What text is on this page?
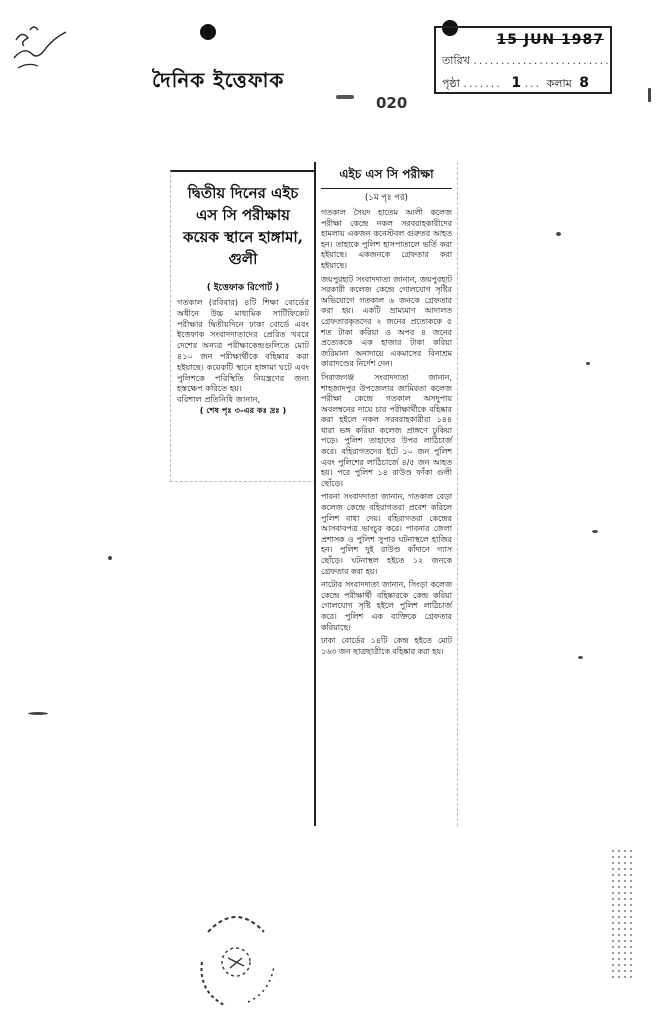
দৈনিক ইত্তেফাক
020
15 JUN 1987
তারিখ .........................
পৃষ্ঠা ....... 1 ... কলাম 8
দ্বিতীয় দিনের এইচ এস সি পরীক্ষায় কয়েক স্থানে হাঙ্গামা, গুলী
( ইত্তেফাক রিপোর্ট )

গতকাল (রবিবার) ৪টি শিক্ষা বোর্ডের অধীনে উচ্চ মাধ্যমিক সার্টিফিকেট পরীক্ষার দ্বিতীয়দিনে ঢাকা বোর্ডে এবং ইত্তেফাক সংবাদদাতাদের প্রেরিত খবরে দেশের অন্যত্র পরীক্ষাকেন্দ্রগুলিতে মোট ৪১০ জন পরীক্ষার্থীকে বহিষ্কার করা হইয়াছে। কয়েকটি স্থানে হাঙ্গামা ঘটে এবং পুলিশকে পরিস্থিতি নিয়ন্ত্রণের জন্য হস্তক্ষেপ করিতে হয়।

বরিশাল প্রতিনিধি জানান,

( শেষ পৃঃ ৩-এর কঃ দ্রঃ )

এইচ এস সি পরীক্ষা
(১ম পৃঃ পর)

গতকাল সৈয়দ হাতেম আলী কলেজ পরীক্ষা কেন্দ্রে নকল সরবরাহকারীদের হামলায় একজন কনেস্টবল গুরুতর আহত হন। তাহাকে পুলিশ হাসপাতালে ভর্তি করা হইয়াছে। একজনকে গ্রেফতার করা হইয়াছে।

জয়পুরহাট সংবাদদাতা জানান, জয়পুরহাট সরকারী কলেজ কেন্দ্রে গোলযোগ সৃষ্টির অভিযোগে গতকাল ৬ জনকে গ্রেফতার করা হয়। একটি ভ্রাম্যমাণ আদালত গ্রেফতারকৃতদের ২ জনের প্রত্যেককে ৫ শত টাকা করিয়া ও অপর ৪ জনের প্রত্যেককে এক হাজার টাকা করিয়া জরিমানা অনাদায়ে একমাসের বিনাশ্রম কারাদণ্ডের নির্দেশ দেন।

সিরাজগঞ্জ সংবাদদাতা জানান, শাহজাদপুর উপজেলার জামিরতা কলেজ পরীক্ষা কেন্দ্রে গতকাল অসদুপায় অবলম্বনের দায়ে চার পরীক্ষার্থীকে বহিষ্কার করা হইলে নকল সরবরাহকারীরা ১৪৪ ধারা ভঙ্গ করিয়া কলেজ প্রাঙ্গণে ঢুকিয়া পড়ে। পুলিশ তাহাদের উপর লাঠিচার্জ করে। বহিরাগতদের ইটে ১০ জন পুলিশ এবং পুলিশের লাঠিচার্জে ৪/৫ জন আহত হয়। পরে পুলিশ ১৪ রাউণ্ড ফাঁকা গুলী ছোঁড়ে।

পাবনা সংবাদদাতা জানান, গতকাল বেড়া কলেজ কেন্দ্রে বহিরাগতরা প্রবেশ করিলে পুলিশ বাধা দেয়। বহিরাগতরা কেন্দ্রের আসবাবপত্র ভাংচুর করে। পাবনার জেলা প্রশাসক ও পুলিশ সুপার ঘটনাস্থলে হাজির হন। পুলিশ দুই রাউণ্ড কাঁদানে গ্যাস ছোঁড়ে। ঘটনাস্থল হইতে ১২ জনকে গ্রেফতার করা হয়।

নাটোর সংবাদদাতা জানান, সিংড়া কলেজ কেন্দ্রে পরীক্ষার্থী বহিষ্কারকে কেন্দ্র করিয়া গোলযোগ সৃষ্টি হইলে পুলিশ লাঠিচার্জ করে। পুলিশ এক ব্যক্তিকে গ্রেফতার করিয়াছে।

ঢাকা বোর্ডের ১৪টি কেন্দ্র হইতে মোট ১৬৩ জন ছাত্রছাত্রীকে বহিষ্কার করা হয়।
